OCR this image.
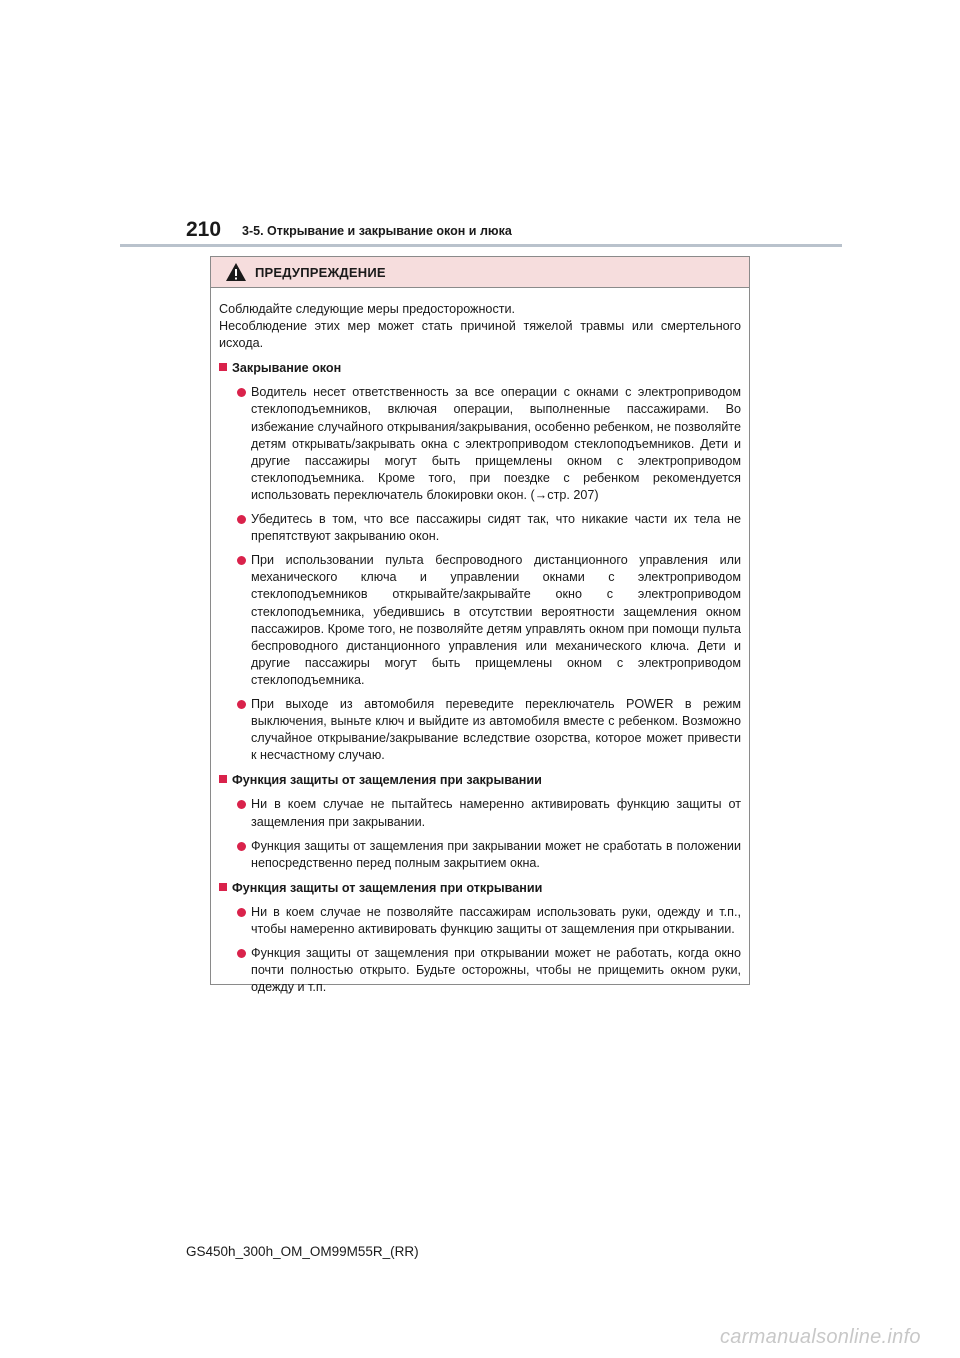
210 3-5. Открывание и закрывание окон и люка
ПРЕДУПРЕЖДЕНИЕ

Соблюдайте следующие меры предосторожности.

Несоблюдение этих мер может стать причиной тяжелой травмы или смертельного исхода.

Закрывание окон
Водитель несет ответственность за все операции с окнами с электроприводом стеклоподъемников, включая операции, выполненные пассажирами. Во избежание случайного открывания/закрывания, особенно ребенком, не позволяйте детям открывать/закрывать окна с электроприводом стеклоподъемников. Дети и другие пассажиры могут быть прищемлены окном с электроприводом стеклоподъемника. Кроме того, при поездке с ребенком рекомендуется использовать переключатель блокировки окон. (→стр. 207)
Убедитесь в том, что все пассажиры сидят так, что никакие части их тела не препятствуют закрыванию окон.
При использовании пульта беспроводного дистанционного управления или механического ключа и управлении окнами с электроприводом стеклоподъемников открывайте/закрывайте окно с электроприводом стеклоподъемника, убедившись в отсутствии вероятности защемления окном пассажиров. Кроме того, не позволяйте детям управлять окном при помощи пульта беспроводного дистанционного управления или механического ключа. Дети и другие пассажиры могут быть прищемлены окном с электроприводом стеклоподъемника.
При выходе из автомобиля переведите переключатель POWER в режим выключения, выньте ключ и выйдите из автомобиля вместе с ребенком. Возможно случайное открывание/закрывание вследствие озорства, которое может привести к несчастному случаю.
Функция защиты от защемления при закрывании
Ни в коем случае не пытайтесь намеренно активировать функцию защиты от защемления при закрывании.
Функция защиты от защемления при закрывании может не сработать в положении непосредственно перед полным закрытием окна.
Функция защиты от защемления при открывании
Ни в коем случае не позволяйте пассажирам использовать руки, одежду и т.п., чтобы намеренно активировать функцию защиты от защемления при открывании.
Функция защиты от защемления при открывании может не работать, когда окно почти полностью открыто. Будьте осторожны, чтобы не прищемить окном руки, одежду и т.п.
GS450h_300h_OM_OM99M55R_(RR)
carmanualsonline.info
